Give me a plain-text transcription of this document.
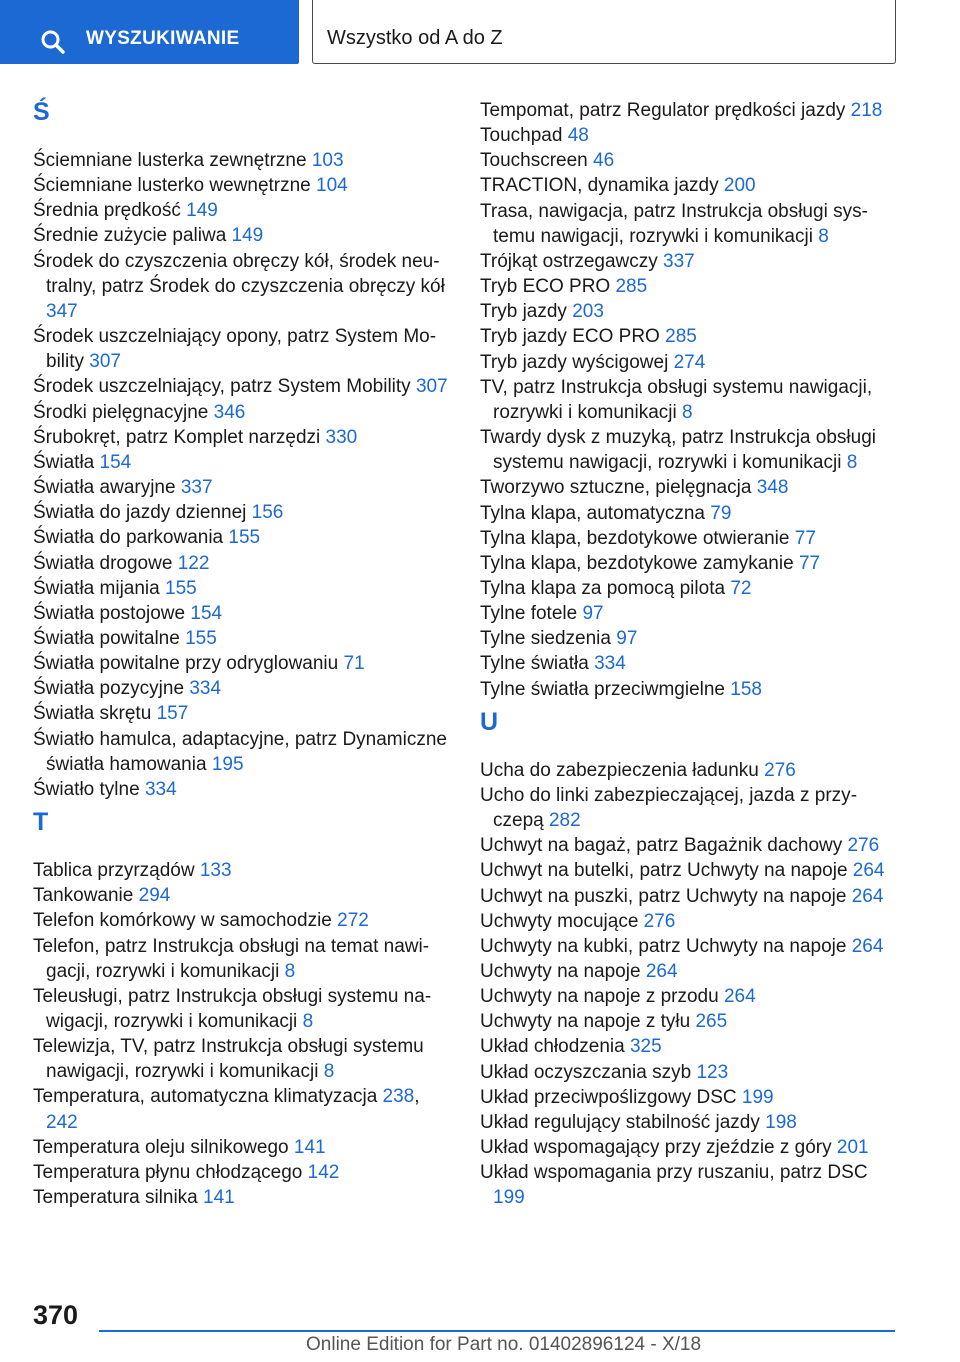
WYSZUKIWANIE	Wszystko od A do Z
Ś
Ściemniane lusterka zewnętrzne 103
Ściemniane lusterko wewnętrzne 104
Średnia prędkość 149
Średnie zużycie paliwa 149
Środek do czyszczenia obręczy kół, środek neutralny, patrz Środek do czyszczenia obręczy kół 347
Środek uszczelniający opony, patrz System Mobility 307
Środek uszczelniający, patrz System Mobility 307
Środki pielęgnacyjne 346
Śrubokręt, patrz Komplet narzędzi 330
Światła 154
Światła awaryjne 337
Światła do jazdy dziennej 156
Światła do parkowania 155
Światła drogowe 122
Światła mijania 155
Światła postojowe 154
Światła powitalne 155
Światła powitalne przy odryglowaniu 71
Światła pozycyjne 334
Światła skrętu 157
Światło hamulca, adaptacyjne, patrz Dynamiczne światła hamowania 195
Światło tylne 334
T
Tablica przyrządów 133
Tankowanie 294
Telefon komórkowy w samochodzie 272
Telefon, patrz Instrukcja obsługi na temat nawigacji, rozrywki i komunikacji 8
Teleusługi, patrz Instrukcja obsługi systemu nawigacji, rozrywki i komunikacji 8
Telewizja, TV, patrz Instrukcja obsługi systemu nawigacji, rozrywki i komunikacji 8
Temperatura, automatyczna klimatyzacja 238, 242
Temperatura oleju silnikowego 141
Temperatura płynu chłodzącego 142
Temperatura silnika 141
Tempomat, patrz Regulator prędkości jazdy 218
Touchpad 48
Touchscreen 46
TRACTION, dynamika jazdy 200
Trasa, nawigacja, patrz Instrukcja obsługi systemu nawigacji, rozrywki i komunikacji 8
Trójkąt ostrzegawczy 337
Tryb ECO PRO 285
Tryb jazdy 203
Tryb jazdy ECO PRO 285
Tryb jazdy wyścigowej 274
TV, patrz Instrukcja obsługi systemu nawigacji, rozrywki i komunikacji 8
Twardy dysk z muzyką, patrz Instrukcja obsługi systemu nawigacji, rozrywki i komunikacji 8
Tworzywo sztuczne, pielęgnacja 348
Tylna klapa, automatyczna 79
Tylna klapa, bezdotykowe otwieranie 77
Tylna klapa, bezdotykowe zamykanie 77
Tylna klapa za pomocą pilota 72
Tylne fotele 97
Tylne siedzenia 97
Tylne światła 334
Tylne światła przeciwmgielne 158
U
Ucha do zabezpieczenia ładunku 276
Ucho do linki zabezpieczającej, jazda z przyczepą 282
Uchwyt na bagaż, patrz Bagażnik dachowy 276
Uchwyt na butelki, patrz Uchwyty na napoje 264
Uchwyt na puszki, patrz Uchwyty na napoje 264
Uchwyty mocujące 276
Uchwyty na kubki, patrz Uchwyty na napoje 264
Uchwyty na napoje 264
Uchwyty na napoje z przodu 264
Uchwyty na napoje z tyłu 265
Układ chłodzenia 325
Układ oczyszczania szyb 123
Układ przeciwpoślizgowy DSC 199
Układ regulujący stabilność jazdy 198
Układ wspomagający przy zjeździe z góry 201
Układ wspomagania przy ruszaniu, patrz DSC 199
370
Online Edition for Part no. 01402896124 - X/18
